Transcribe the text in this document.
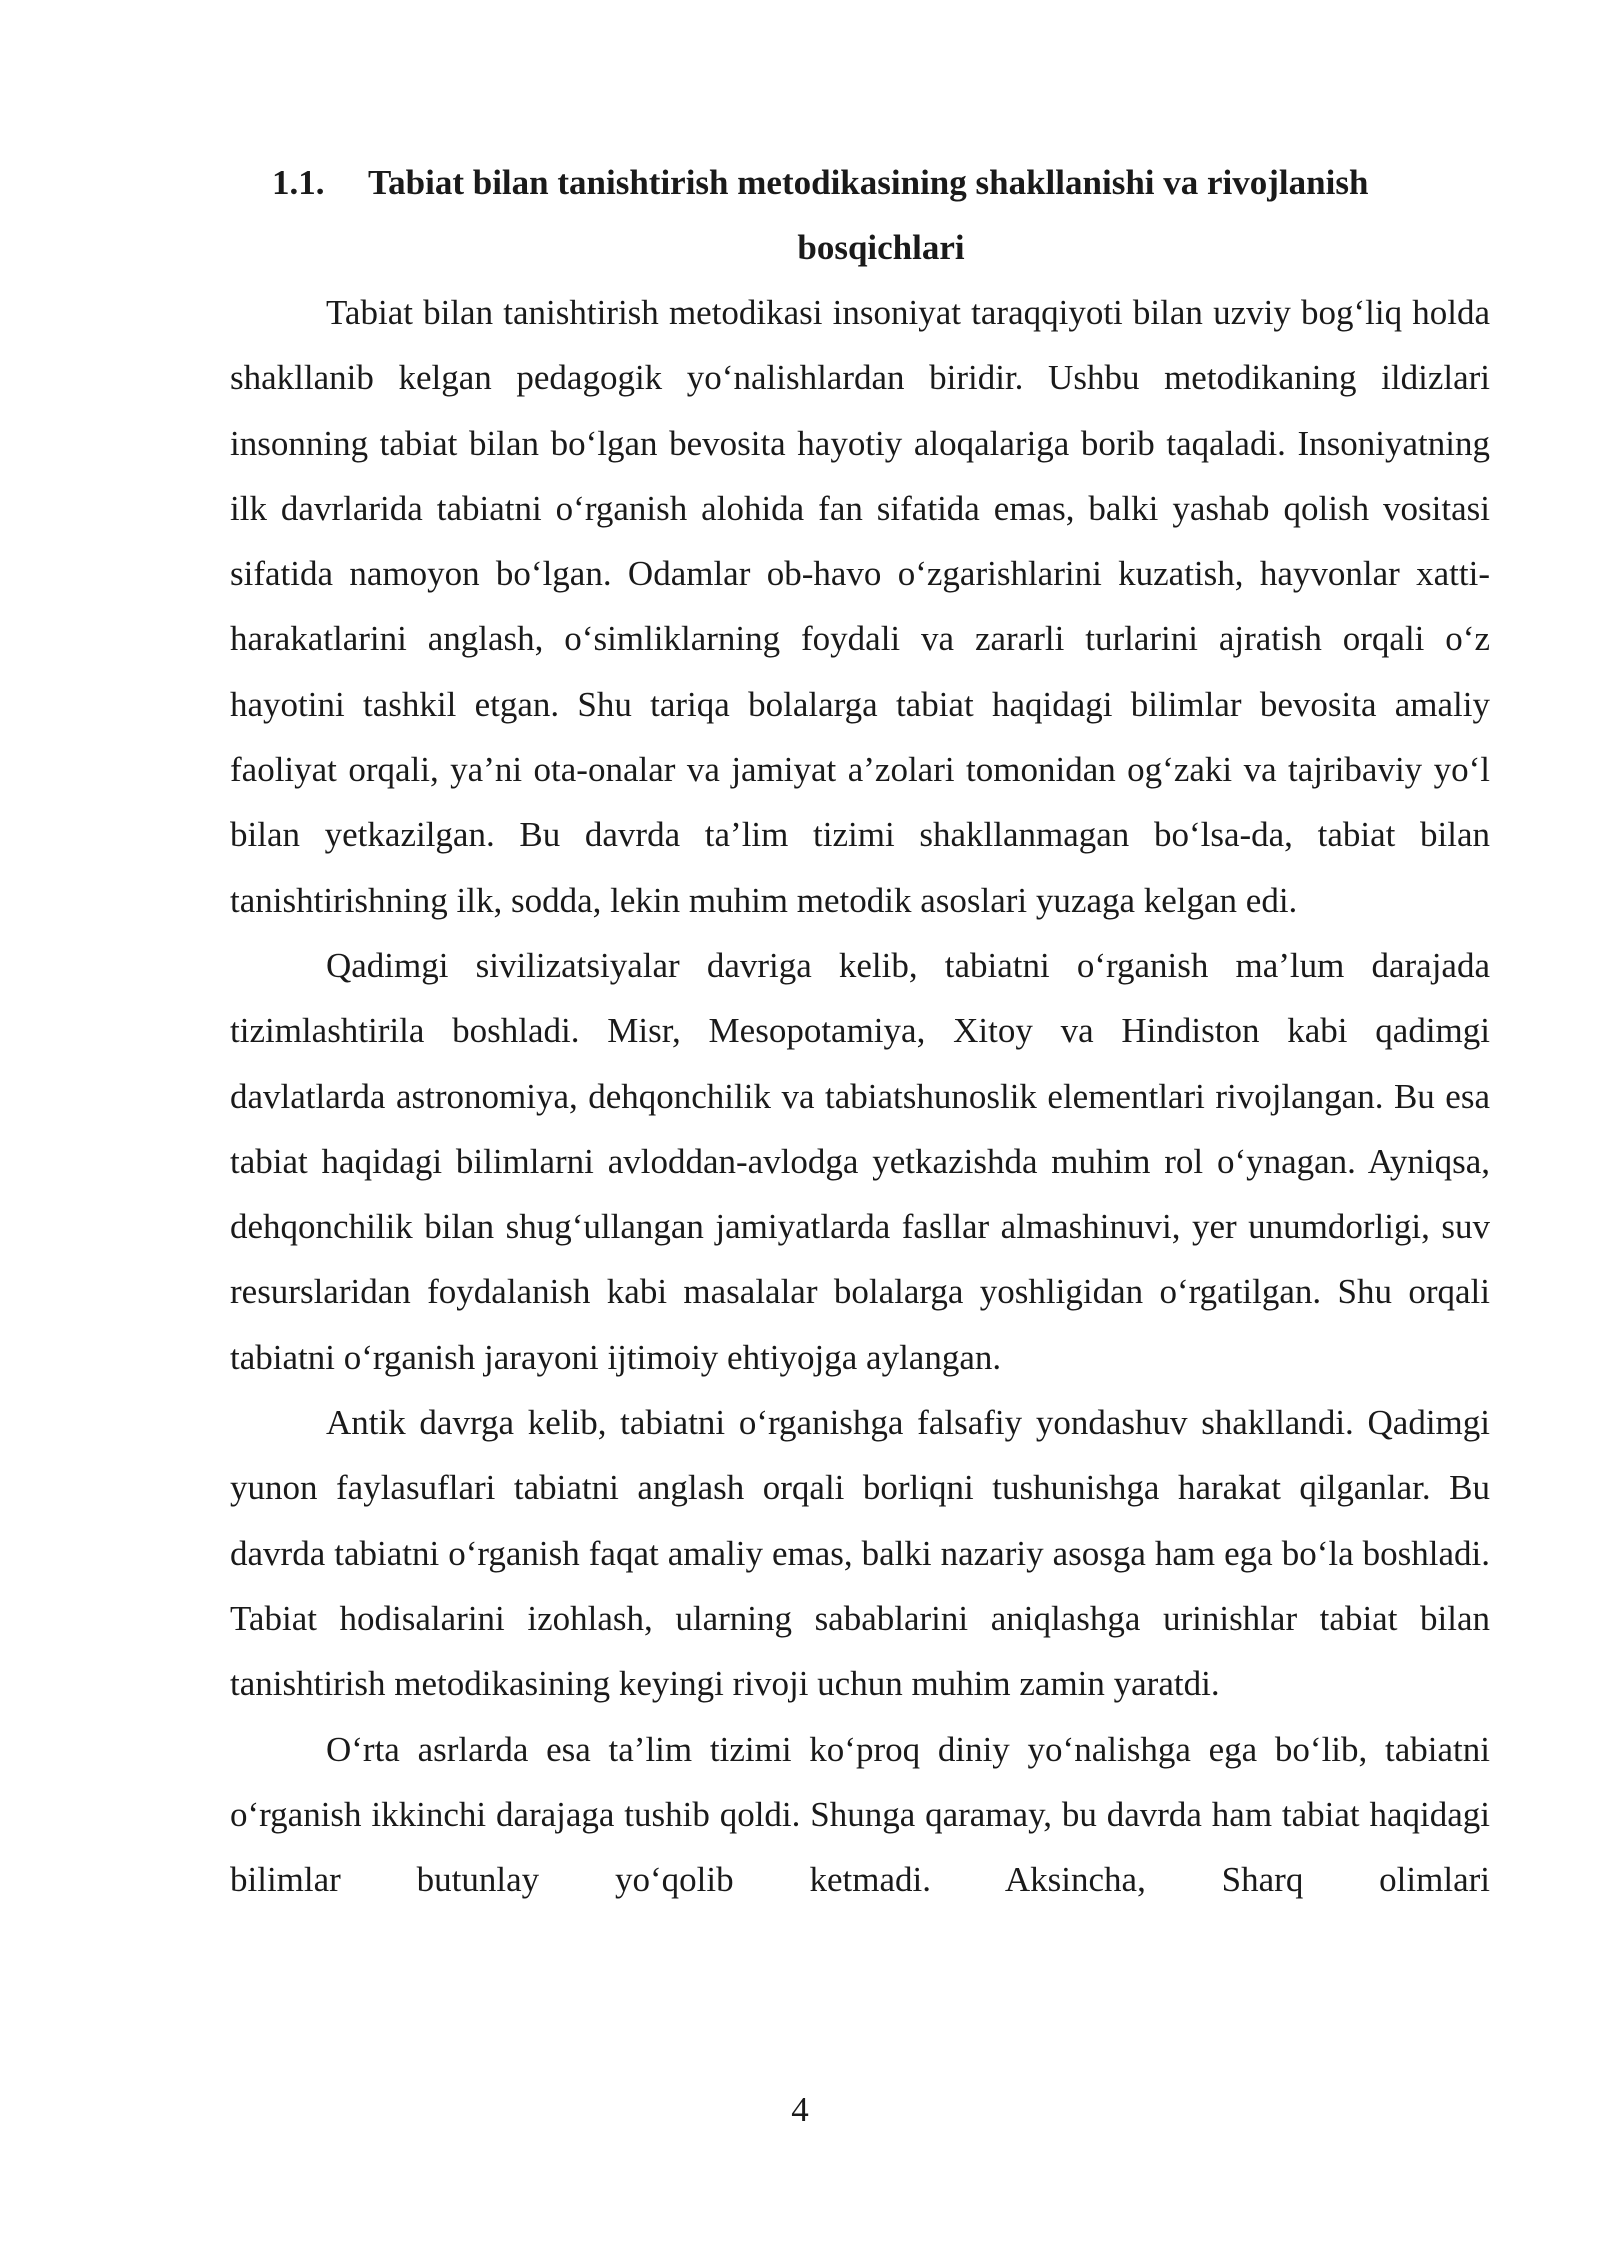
1.1.	Tabiat bilan tanishtirish metodikasining shakllanishi va rivojlanish
bosqichlari

Tabiat bilan tanishtirish metodikasi insoniyat taraqqiyoti bilan uzviy bog‘liq holda shakllanib kelgan pedagogik yo‘nalishlardan biridir. Ushbu metodikaning ildizlari insonning tabiat bilan bo‘lgan bevosita hayotiy aloqalariga borib taqaladi. Insoniyatning ilk davrlarida tabiatni o‘rganish alohida fan sifatida emas, balki yashab qolish vositasi sifatida namoyon bo‘lgan. Odamlar ob-havo o‘zgarishlarini kuzatish, hayvonlar xatti-harakatlarini anglash, o‘simliklarning foydali va zararli turlarini ajratish orqali o‘z hayotini tashkil etgan. Shu tariqa bolalarga tabiat haqidagi bilimlar bevosita amaliy faoliyat orqali, ya’ni ota-onalar va jamiyat a’zolari tomonidan og‘zaki va tajribaviy yo‘l bilan yetkazilgan. Bu davrda ta’lim tizimi shakllanmagan bo‘lsa-da, tabiat bilan tanishtirishning ilk, sodda, lekin muhim metodik asoslari yuzaga kelgan edi.

Qadimgi sivilizatsiyalar davriga kelib, tabiatni o‘rganish ma’lum darajada tizimlashtirila boshladi. Misr, Mesopotamiya, Xitoy va Hindiston kabi qadimgi davlatlarda astronomiya, dehqonchilik va tabiatshunoslik elementlari rivojlangan. Bu esa tabiat haqidagi bilimlarni avloddan-avlodga yetkazishda muhim rol o‘ynagan. Ayniqsa, dehqonchilik bilan shug‘ullangan jamiyatlarda fasllar almashinuvi, yer unumdorligi, suv resurslaridan foydalanish kabi masalalar bolalarga yoshligidan o‘rgatilgan. Shu orqali tabiatni o‘rganish jarayoni ijtimoiy ehtiyojga aylangan.

Antik davrga kelib, tabiatni o‘rganishga falsafiy yondashuv shakllandi. Qadimgi yunon faylasuflari tabiatni anglash orqali borliqni tushunishga harakat qilganlar. Bu davrda tabiatni o‘rganish faqat amaliy emas, balki nazariy asosga ham ega bo‘la boshladi. Tabiat hodisalarini izohlash, ularning sabablarini aniqlashga urinishlar tabiat bilan tanishtirish metodikasining keyingi rivoji uchun muhim zamin yaratdi.

O‘rta asrlarda esa ta’lim tizimi ko‘proq diniy yo‘nalishga ega bo‘lib, tabiatni o‘rganish ikkinchi darajaga tushib qoldi. Shunga qaramay, bu davrda ham tabiat haqidagi bilimlar butunlay yo‘qolib ketmadi. Aksincha, Sharq olimlari

4
